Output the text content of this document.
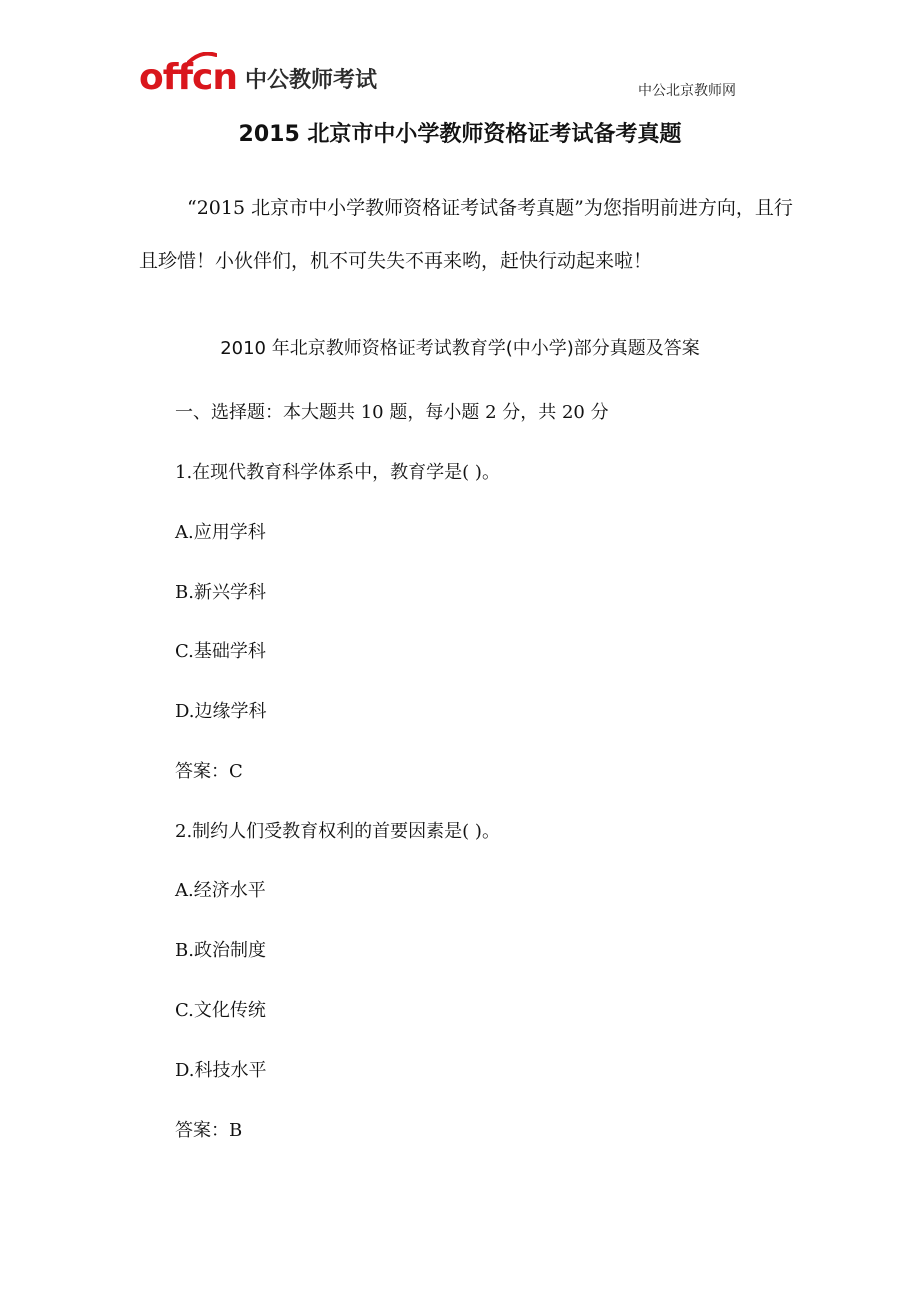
offcn 中公教师考试	中公北京教师网
2015 北京市中小学教师资格证考试备考真题

“2015 北京市中小学教师资格证考试备考真题”为您指明前进方向，且行且珍惜！小伙伴们，机不可失失不再来哟，赶快行动起来啦！

2010 年北京教师资格证考试教育学(中小学)部分真题及答案

一、选择题：本大题共 10 题，每小题 2 分，共 20 分

1.在现代教育科学体系中，教育学是( )。

A.应用学科

B.新兴学科

C.基础学科

D.边缘学科

答案：C

2.制约人们受教育权利的首要因素是( )。

A.经济水平

B.政治制度

C.文化传统

D.科技水平

答案：B
